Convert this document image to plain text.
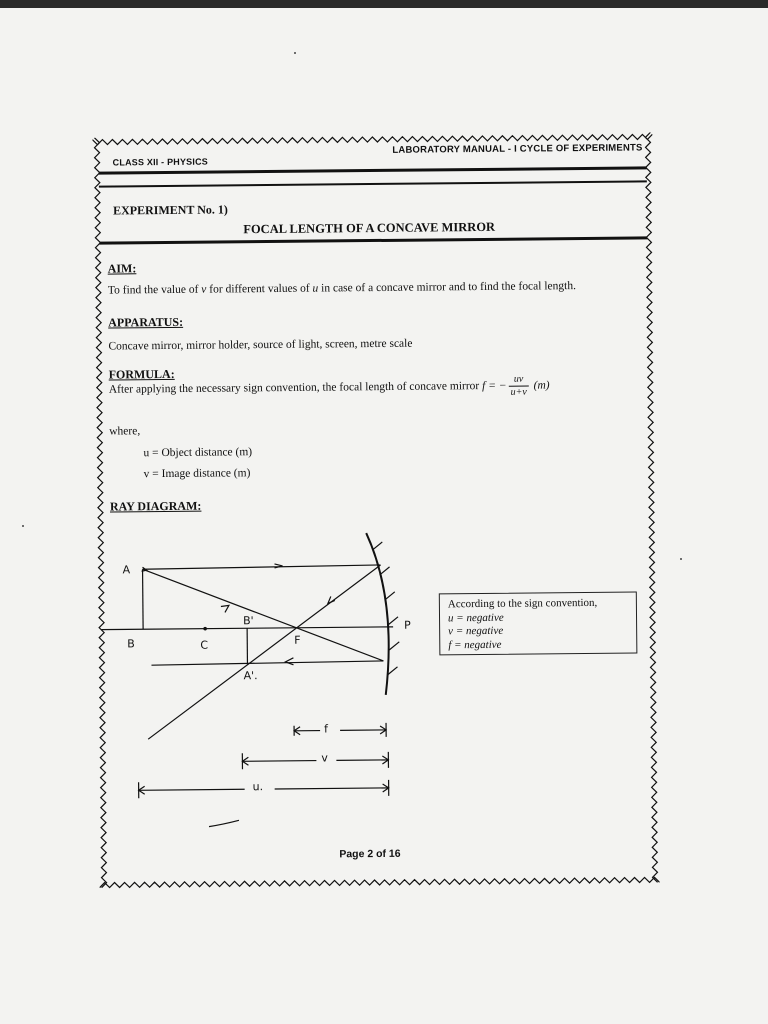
CLASS XII - PHYSICS
LABORATORY MANUAL - I CYCLE OF EXPERIMENTS
EXPERIMENT No. 1)
FOCAL LENGTH OF A CONCAVE MIRROR
AIM:
To find the value of v for different values of u in case of a concave mirror and to find the focal length.
APPARATUS:
Concave mirror, mirror holder, source of light, screen, metre scale
FORMULA:
After applying the necessary sign convention, the focal length of concave mirror f = − $\frac{uv}{u+v} (m)$
where,
u = Object distance (m)
v = Image distance (m)
RAY DIAGRAM:
A
B	C	F
P
B'
A'.
f
v
u.
According to the sign convention,
u = negative
v = negative
f = negative
Page 2 of 16
